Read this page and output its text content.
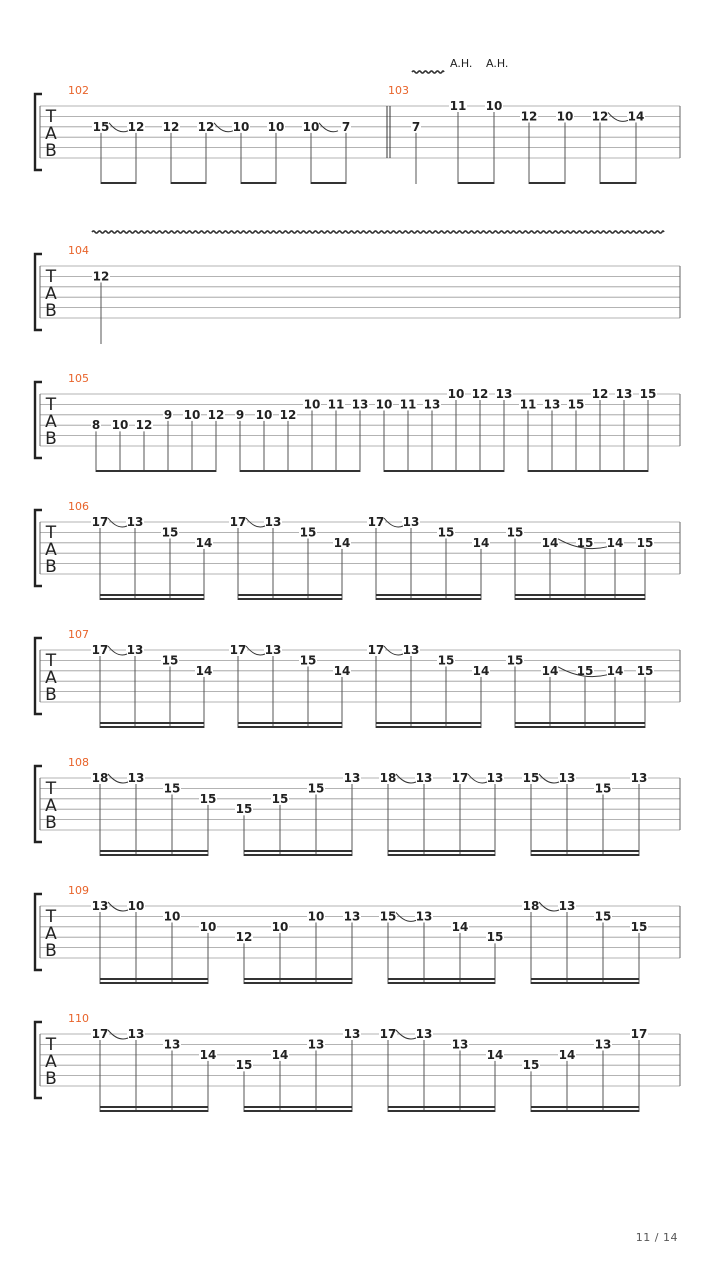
T
A
B
102
15 12 12 12 10 10 10 7
103
7
11 10
12 10 12 14
A.H. A.H.
T
A
B
104
12
T
A
B
105
8 10 12
9 10 12 9 10 12
10 11 13 10 11 13
10 12 13
11 13 15
12 13 15
T
A
B
106
17 13
15
14
17 13
15
14
17 13
15
14
15
14 15 14 15
T
A
B
107
17 13
15
14
17 13
15
14
17 13
15
14
15
14 15 14 15
T
A
B
108
18 13
15
15
15
15
15
13 18 13 17 13 15 13
15
13
T
A
B
109
13 10
10
10
12
10
10 13 15 13
14
15
18 13
15
15
T
A
B
110
17 13
13
14
15
14
13
13 17 13
13
14
15
14
13
17
11 / 14
